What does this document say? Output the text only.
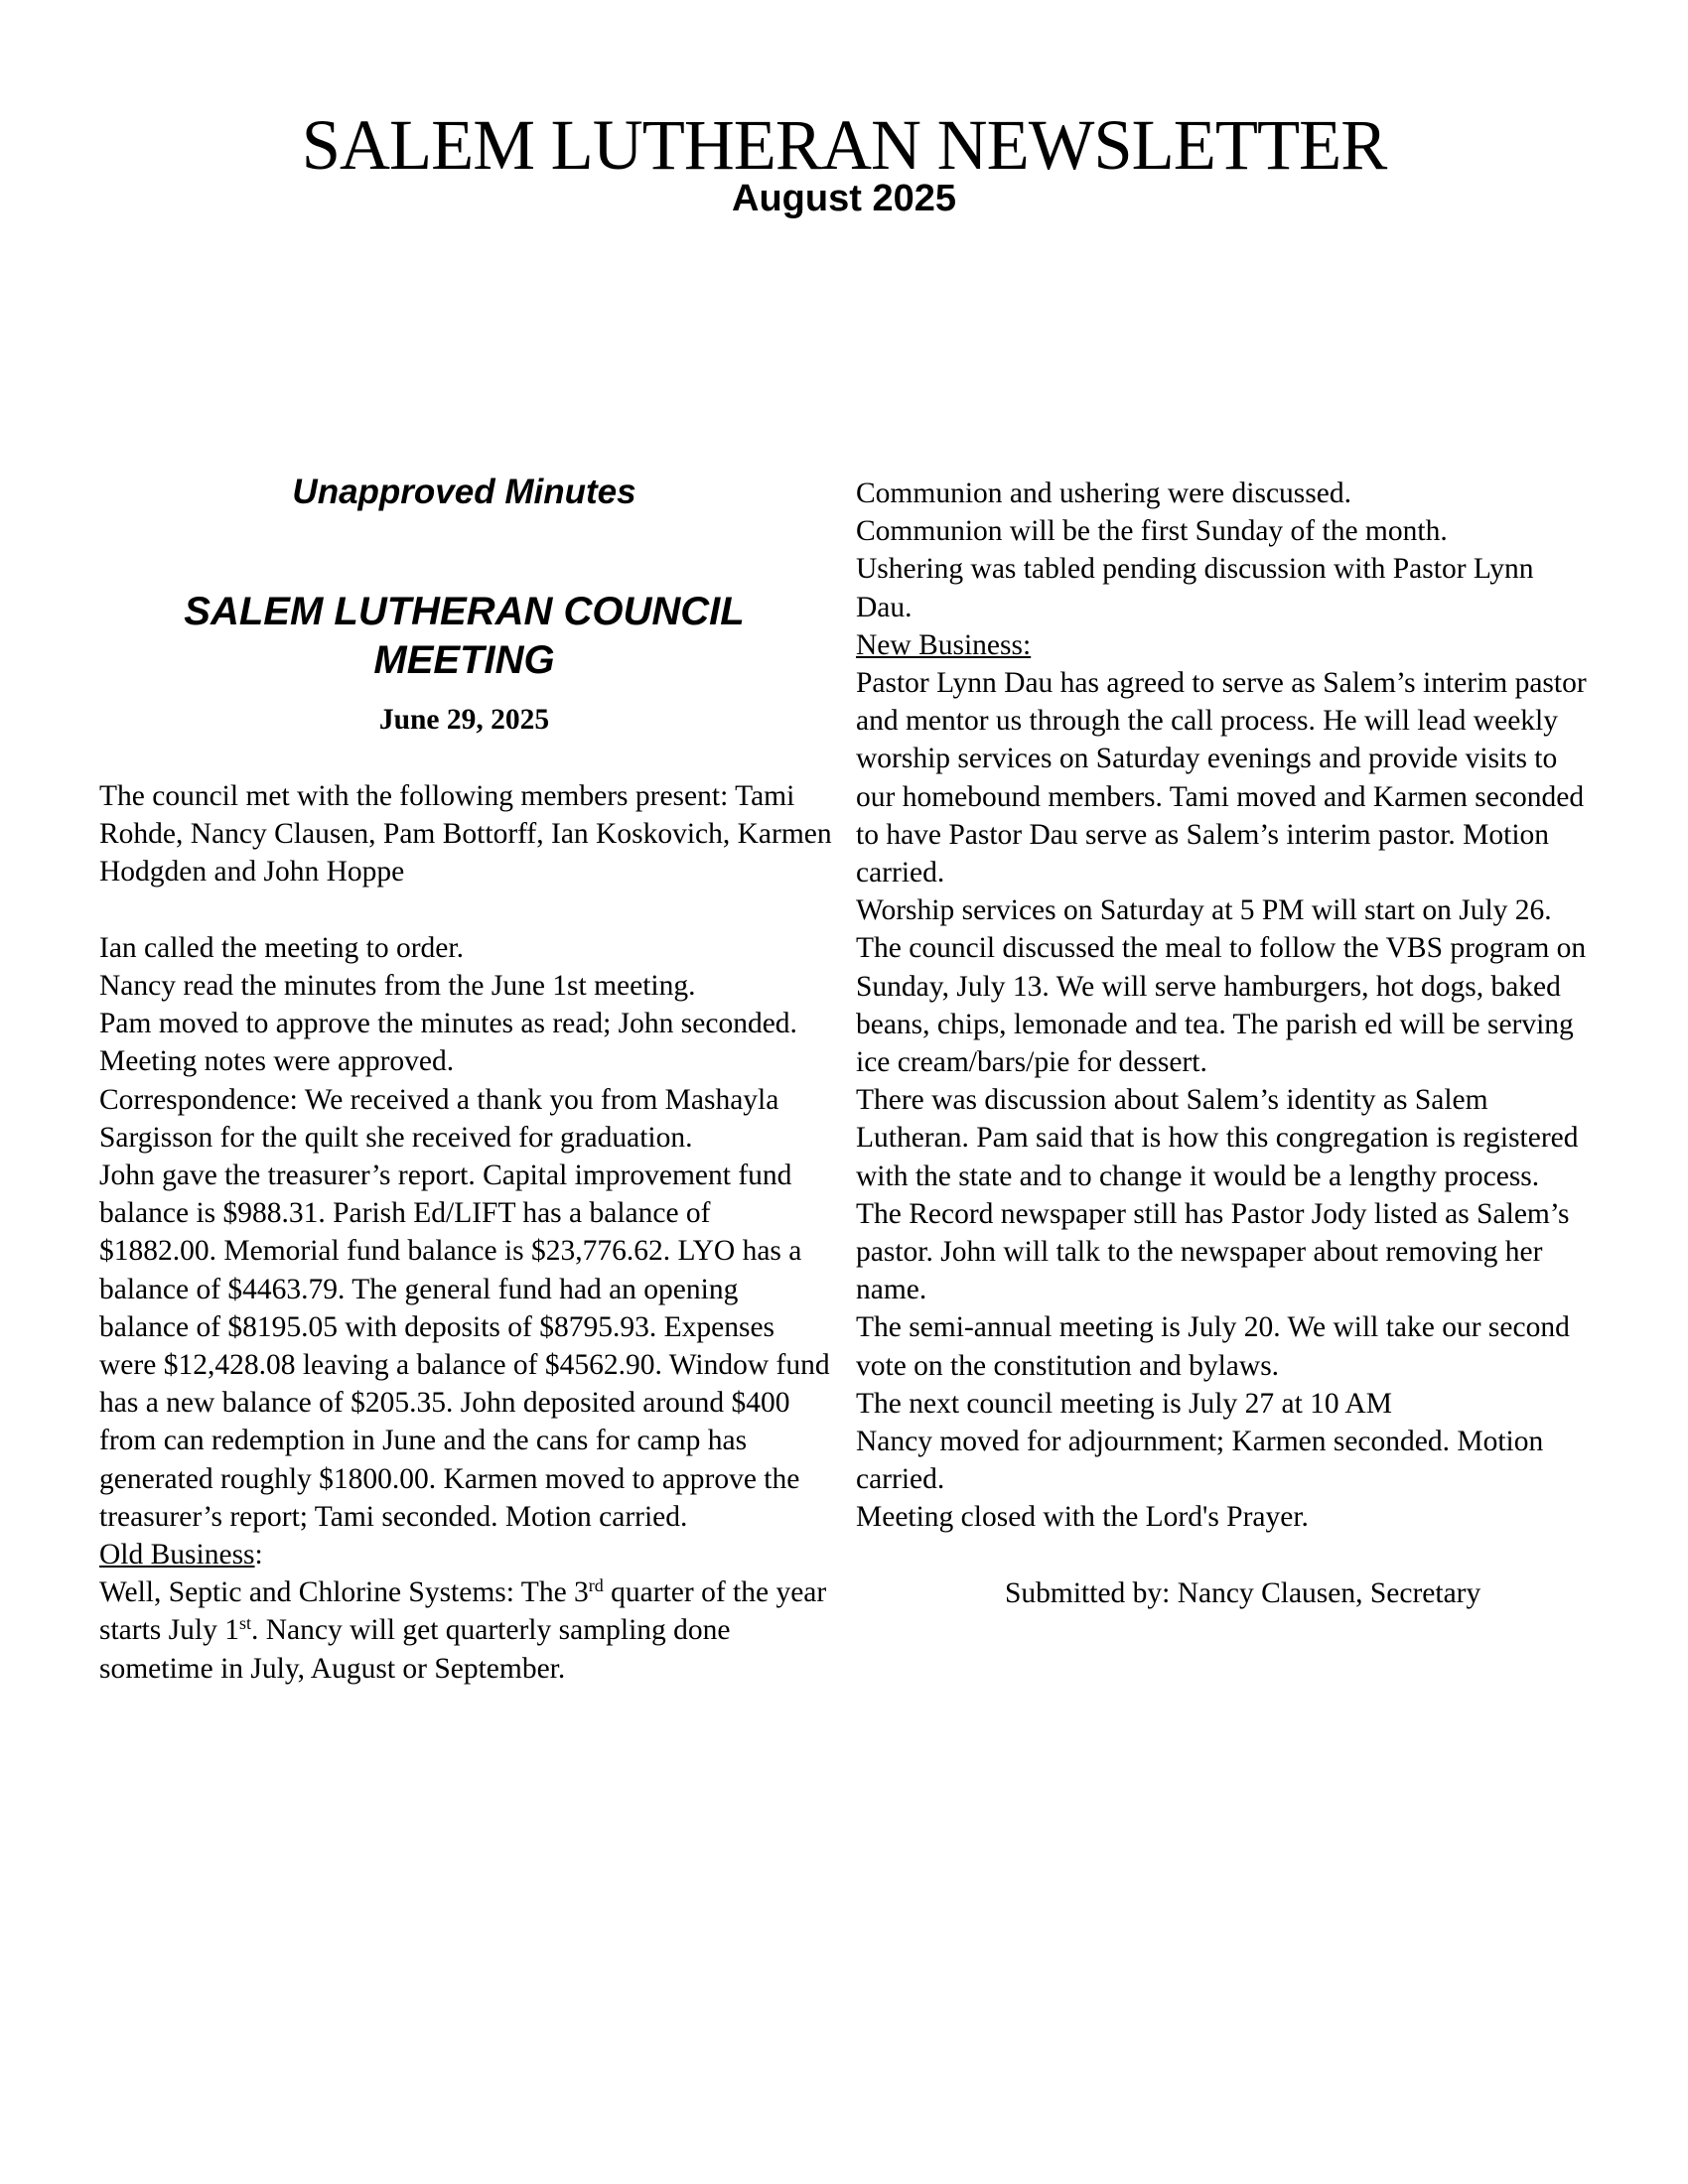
SALEM LUTHERAN NEWSLETTER
August 2025
Unapproved Minutes
SALEM LUTHERAN COUNCIL
MEETING
June 29, 2025

The council met with the following members present: Tami Rohde, Nancy Clausen, Pam Bottorff, Ian Koskovich, Karmen Hodgden and John Hoppe

Ian called the meeting to order.

Nancy read the minutes from the June 1st meeting.

Pam moved to approve the minutes as read; John seconded. Meeting notes were approved.

Correspondence: We received a thank you from Mashayla Sargisson for the quilt she received for graduation.

John gave the treasurer’s report. Capital improvement fund balance is $988.31. Parish Ed/LIFT has a balance of $1882.00. Memorial fund balance is $23,776.62. LYO has a balance of $4463.79. The general fund had an opening balance of $8195.05 with deposits of $8795.93. Expenses were $12,428.08 leaving a balance of $4562.90. Window fund has a new balance of $205.35. John deposited around $400 from can redemption in June and the cans for camp has generated roughly $1800.00. Karmen moved to approve the treasurer’s report; Tami seconded. Motion carried.

Old Business:

Well, Septic and Chlorine Systems: The 3rd quarter of the year starts July 1st. Nancy will get quarterly sampling done sometime in July, August or September.

Communion and ushering were discussed.

Communion will be the first Sunday of the month.

Ushering was tabled pending discussion with Pastor Lynn Dau.

New Business:

Pastor Lynn Dau has agreed to serve as Salem’s interim pastor and mentor us through the call process. He will lead weekly worship services on Saturday evenings and provide visits to our homebound members. Tami moved and Karmen seconded to have Pastor Dau serve as Salem’s interim pastor. Motion carried.

Worship services on Saturday at 5 PM will start on July 26.

The council discussed the meal to follow the VBS program on Sunday, July 13. We will serve hamburgers, hot dogs, baked beans, chips, lemonade and tea. The parish ed will be serving ice cream/bars/pie for dessert.

There was discussion about Salem’s identity as Salem Lutheran. Pam said that is how this congregation is registered with the state and to change it would be a lengthy process.

The Record newspaper still has Pastor Jody listed as Salem’s pastor. John will talk to the newspaper about removing her name.

The semi-annual meeting is July 20. We will take our second vote on the constitution and bylaws.

The next council meeting is July 27 at 10 AM

Nancy moved for adjournment; Karmen seconded. Motion carried.

Meeting closed with the Lord's Prayer.

Submitted by: Nancy Clausen, Secretary
